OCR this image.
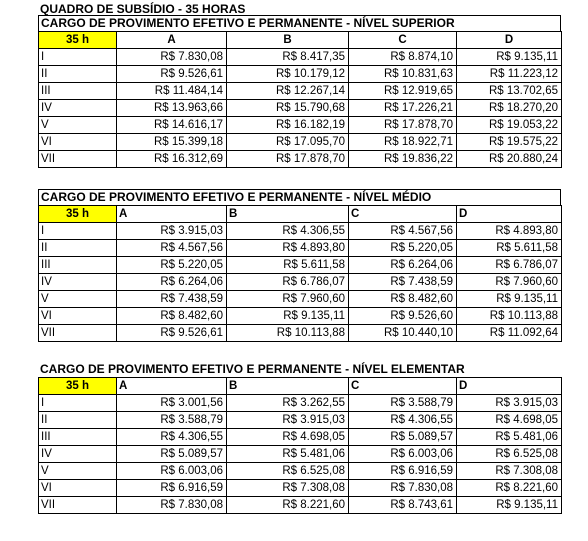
QUADRO DE SUBSÍDIO - 35 HORAS
CARGO DE PROVIMENTO EFETIVO E PERMANENTE - NÍVEL SUPERIOR
35 h	A	B	C	D
I	R$ 7.830,08	R$ 8.417,35	R$ 8.874,10	R$ 9.135,11
II	R$ 9.526,61	R$ 10.179,12	R$ 10.831,63	R$ 11.223,12
III	R$ 11.484,14	R$ 12.267,14	R$ 12.919,65	R$ 13.702,65
IV	R$ 13.963,66	R$ 15.790,68	R$ 17.226,21	R$ 18.270,20
V	R$ 14.616,17	R$ 16.182,19	R$ 17.878,70	R$ 19.053,22
VI	R$ 15.399,18	R$ 17.095,70	R$ 18.922,71	R$ 19.575,22
VII	R$ 16.312,69	R$ 17.878,70	R$ 19.836,22	R$ 20.880,24
CARGO DE PROVIMENTO EFETIVO E PERMANENTE - NÍVEL MÉDIO
35 h	A	B	C	D
I	R$ 3.915,03	R$ 4.306,55	R$ 4.567,56	R$ 4.893,80
II	R$ 4.567,56	R$ 4.893,80	R$ 5.220,05	R$ 5.611,58
III	R$ 5.220,05	R$ 5.611,58	R$ 6.264,06	R$ 6.786,07
IV	R$ 6.264,06	R$ 6.786,07	R$ 7.438,59	R$ 7.960,60
V	R$ 7.438,59	R$ 7.960,60	R$ 8.482,60	R$ 9.135,11
VI	R$ 8.482,60	R$ 9.135,11	R$ 9.526,60	R$ 10.113,88
VII	R$ 9.526,61	R$ 10.113,88	R$ 10.440,10	R$ 11.092,64
CARGO DE PROVIMENTO EFETIVO E PERMANENTE - NÍVEL ELEMENTAR
35 h	A	B	C	D
I	R$ 3.001,56	R$ 3.262,55	R$ 3.588,79	R$ 3.915,03
II	R$ 3.588,79	R$ 3.915,03	R$ 4.306,55	R$ 4.698,05
III	R$ 4.306,55	R$ 4.698,05	R$ 5.089,57	R$ 5.481,06
IV	R$ 5.089,57	R$ 5.481,06	R$ 6.003,06	R$ 6.525,08
V	R$ 6.003,06	R$ 6.525,08	R$ 6.916,59	R$ 7.308,08
VI	R$ 6.916,59	R$ 7.308,08	R$ 7.830,08	R$ 8.221,60
VII	R$ 7.830,08	R$ 8.221,60	R$ 8.743,61	R$ 9.135,11
